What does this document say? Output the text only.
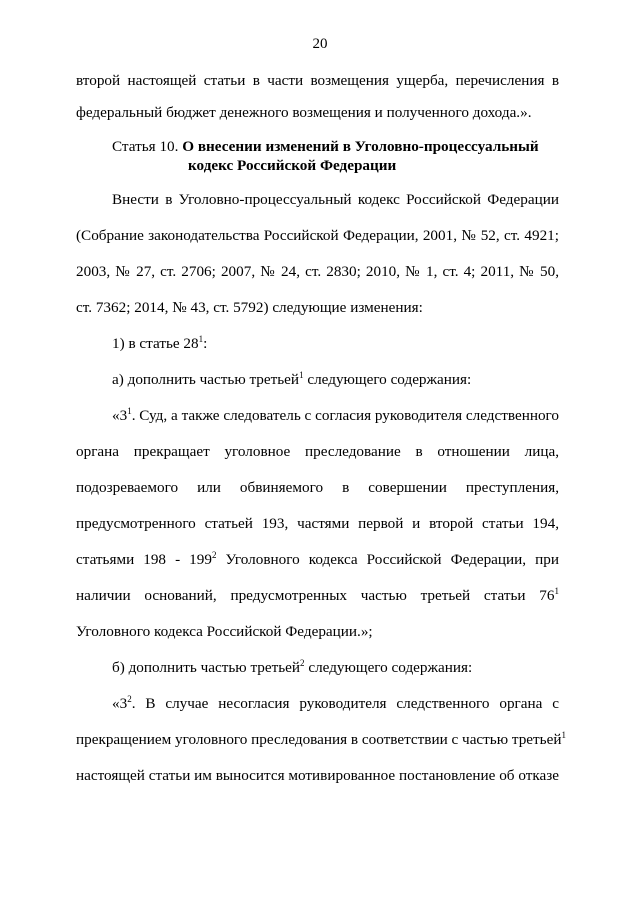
20
второй настоящей статьи в части возмещения ущерба, перечисления в
федеральный бюджет денежного возмещения и полученного дохода.».
Статья 10. О внесении изменений в Уголовно-процессуальный
кодекс Российской Федерации
Внести в Уголовно-процессуальный кодекс Российской Федерации
(Собрание законодательства Российской Федерации, 2001, № 52, ст. 4921;
2003, № 27, ст. 2706; 2007, № 24, ст. 2830; 2010, № 1, ст. 4; 2011, № 50,
ст. 7362; 2014, № 43, ст. 5792) следующие изменения:
1) в статье $28^1$:
а) дополнить частью третьей$^1$ следующего содержания:
«$3^1$. Суд, а также следователь с согласия руководителя следственного
органа прекращает уголовное преследование в отношении лица,
подозреваемого или обвиняемого в совершении преступления,
предусмотренного статьей 193, частями первой и второй статьи 194,
статьями $198 - 199^2$ Уголовного кодекса Российской Федерации, при
наличии оснований, предусмотренных частью третьей статьи $76^1$
Уголовного кодекса Российской Федерации.»;
б) дополнить частью третьей$^2$ следующего содержания:
«$3^2$. В случае несогласия руководителя следственного органа с
прекращением уголовного преследования в соответствии с частью третьей$^1$
настоящей статьи им выносится мотивированное постановление об отказе
